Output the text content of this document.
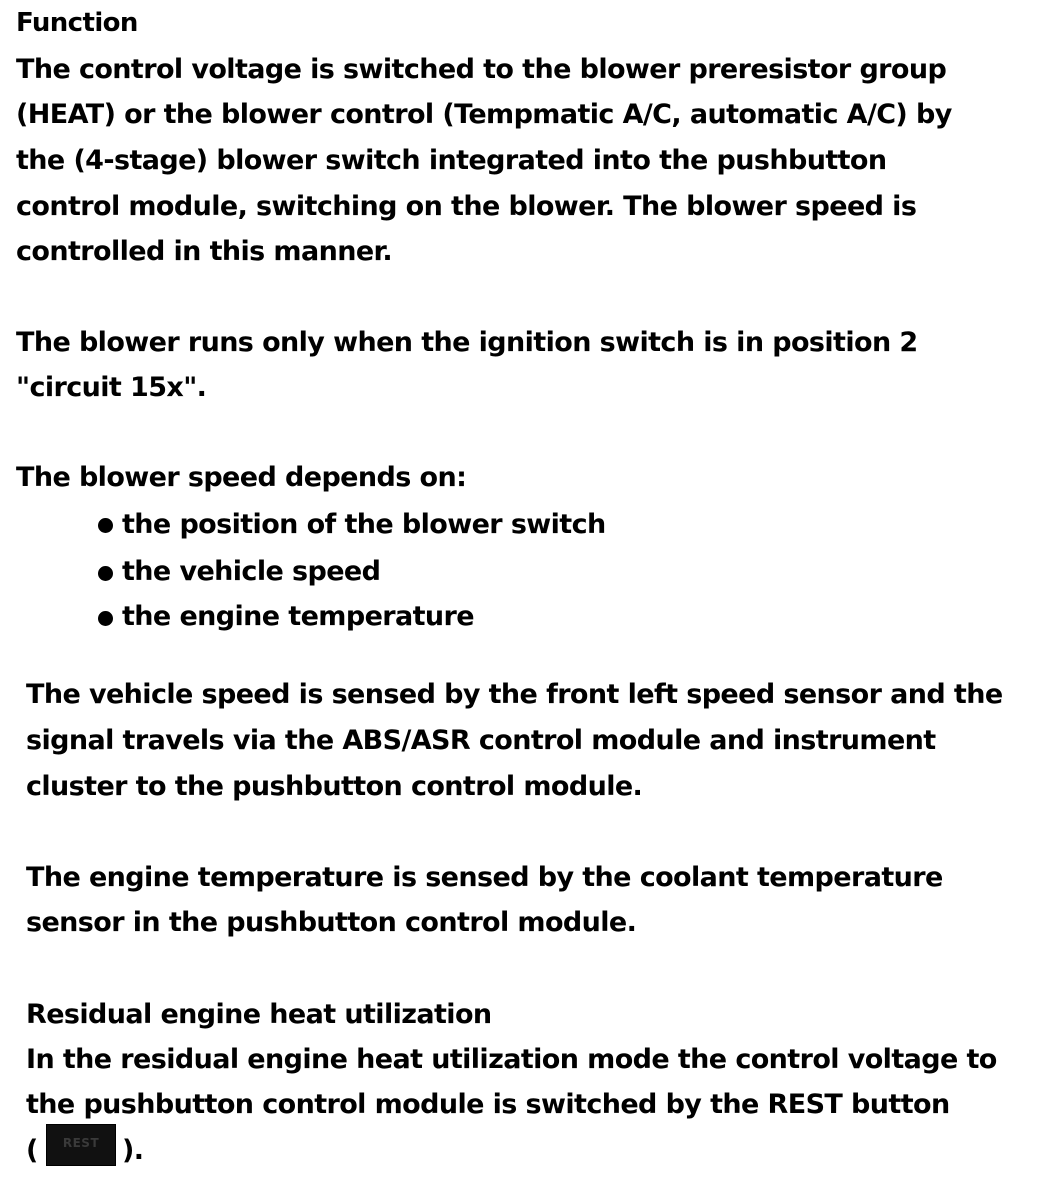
Function
The control voltage is switched to the blower preresistor group
(HEAT) or the blower control (Tempmatic A/C, automatic A/C) by
the (4-stage) blower switch integrated into the pushbutton
control module, switching on the blower. The blower speed is
controlled in this manner.
The blower runs only when the ignition switch is in position 2
"circuit 15x".
The blower speed depends on:
the position of the blower switch
the vehicle speed
the engine temperature
The vehicle speed is sensed by the front left speed sensor and the
signal travels via the ABS/ASR control module and instrument
cluster to the pushbutton control module.
The engine temperature is sensed by the coolant temperature
sensor in the pushbutton control module.
Residual engine heat utilization
In the residual engine heat utilization mode the control voltage to
the pushbutton control module is switched by the REST button
(	REST ).
